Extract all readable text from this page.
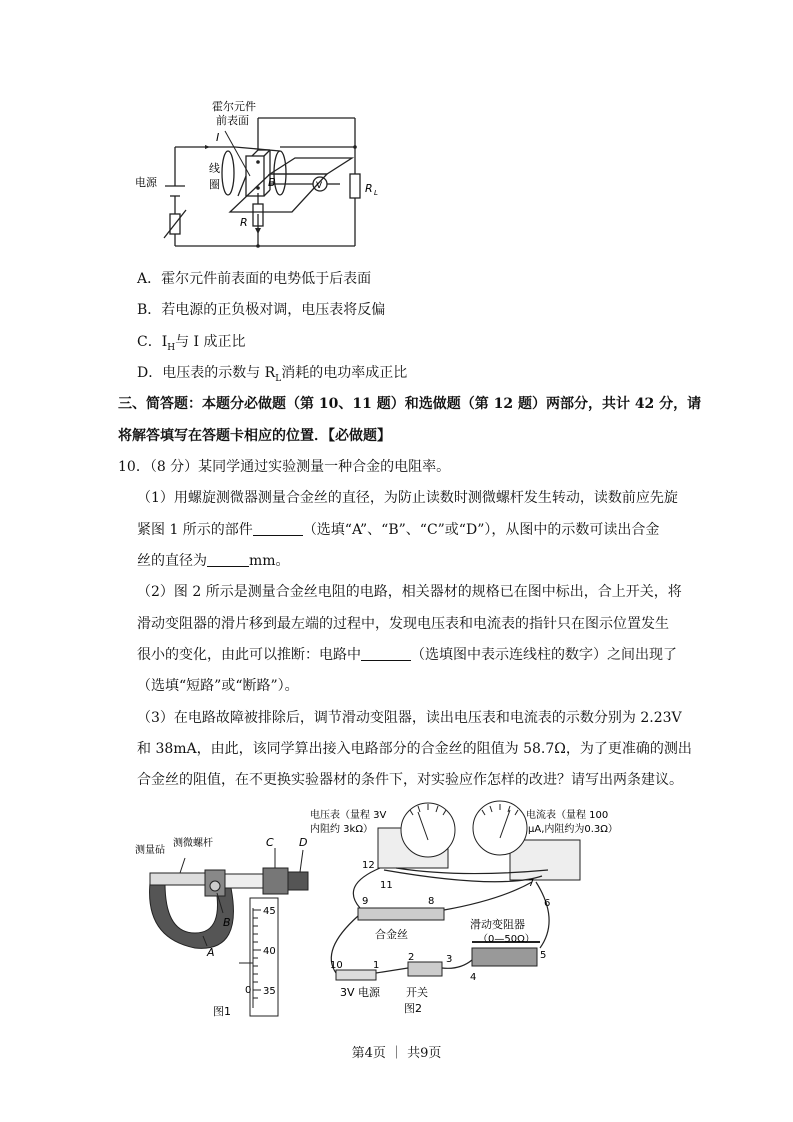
霍尔元件
前表面
I
线
圈
电源	B
R
R L
V
A．霍尔元件前表面的电势低于后表面
B．若电源的正负极对调，电压表将反偏
C．$I_H$与 I 成正比
D．电压表的示数与 $R_L$消耗的电功率成正比
三、简答题：本题分必做题（第 10、11 题）和选做题（第 12 题）两部分，共计 42 分，请
将解答填写在答题卡相应的位置．【必做题】
10．（8 分）某同学通过实验测量一种合金的电阻率。
（1）用螺旋测微器测量合金丝的直径，为防止读数时测微螺杆发生转动，读数前应先旋
紧图 1 所示的部件	（选填“A”、“B”、“C”或“D”），从图中的示数可读出合金
丝的直径为	mm。
（2）图 2 所示是测量合金丝电阻的电路，相关器材的规格已在图中标出，合上开关，将
滑动变阻器的滑片移到最左端的过程中，发现电压表和电流表的指针只在图示位置发生
很小的变化，由此可以推断：电路中	（选填图中表示连线柱的数字）之间出现了
（选填“短路”或“断路”）。
（3）在电路故障被排除后，调节滑动变阻器，读出电压表和电流表的示数分别为 2.23V
和 38mA，由此，该同学算出接入电路部分的合金丝的阻值为 58.7Ω，为了更准确的测出
合金丝的阻值，在不更换实验器材的条件下，对实验应作怎样的改进？请写出两条建议。
测量砧
测微螺杆	C D
B
A
45
40
35
0
图1
电压表（量程 3V
内阻约 3kΩ）
电流表（量程 100
μA,内阻约为0.3Ω）
合金丝
滑动变阻器
（0—50Ω）
3V 电源 开关
图2
1
2	3
4
5
6
7
8
9
10
11
12
第4页 ｜ 共9页
